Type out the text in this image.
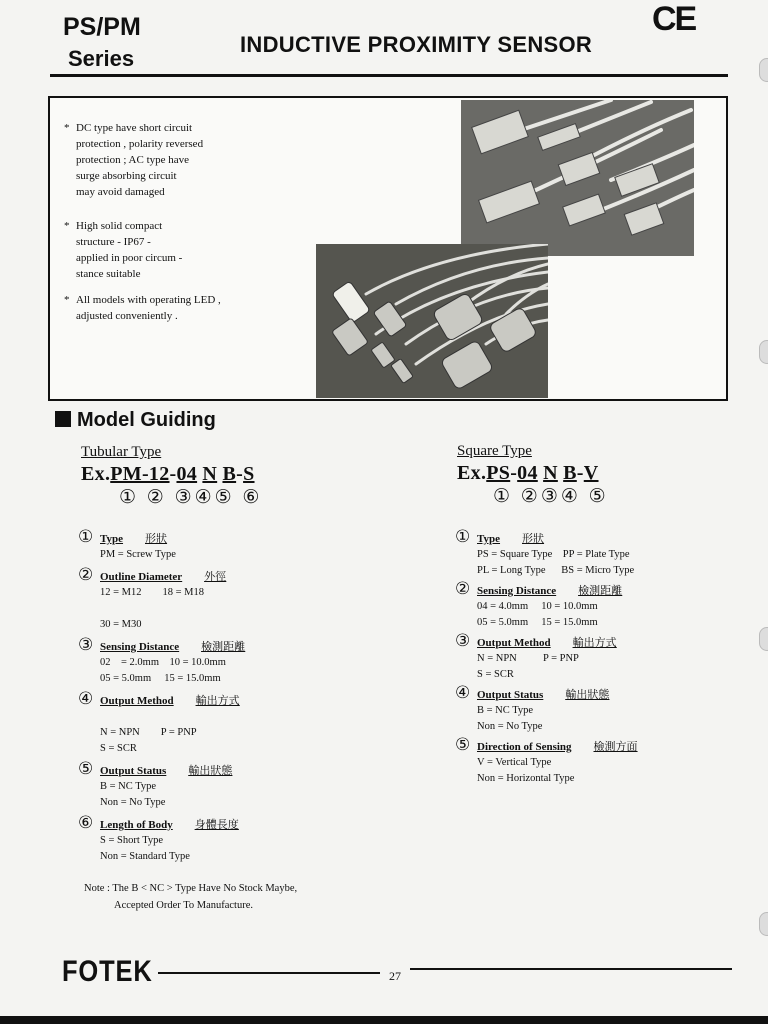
PS/PM
Series
INDUCTIVE PROXIMITY SENSOR
CE
* DC type have short circuit
protection , polarity reversed
protection ; AC type have
surge absorbing circuit
may avoid damaged
* High solid compact
structure - IP67 -
applied in poor circum -
stance suitable
* All models with operating LED ,
adjusted conveniently .
Model Guiding
Tubular Type
Ex.PM-12-04 N B-S
① ② ③④⑤ ⑥
① Type 形狀
PM = Screw Type
② Outline Diameter 外徑
12 = M12        18 = M18
30 = M30
③ Sensing Distance 檢測距離
02    = 2.0mm    10 = 10.0mm
05 = 5.0mm     15 = 15.0mm
④ Output Method 輸出方式
N = NPN        P = PNP
S = SCR
⑤ Output Status 輸出狀態
B = NC Type
Non = No Type
⑥ Length of Body 身體長度
S = Short Type
Non = Standard Type
Square Type
Ex.PS-04 N B-V
① ②③④ ⑤
① Type 形狀
PS = Square Type    PP = Plate Type
PL = Long Type      BS = Micro Type
② Sensing Distance 檢測距離
04 = 4.0mm     10 = 10.0mm
05 = 5.0mm     15 = 15.0mm
③ Output Method 輸出方式
N = NPN          P = PNP
S = SCR
④ Output Status 輸出狀態
B = NC Type
Non = No Type
⑤ Direction of Sensing 檢測方面
V = Vertical Type
Non = Horizontal Type
Note : The B < NC > Type Have No Stock Maybe,
Accepted Order To Manufacture.
FOTEK	27
